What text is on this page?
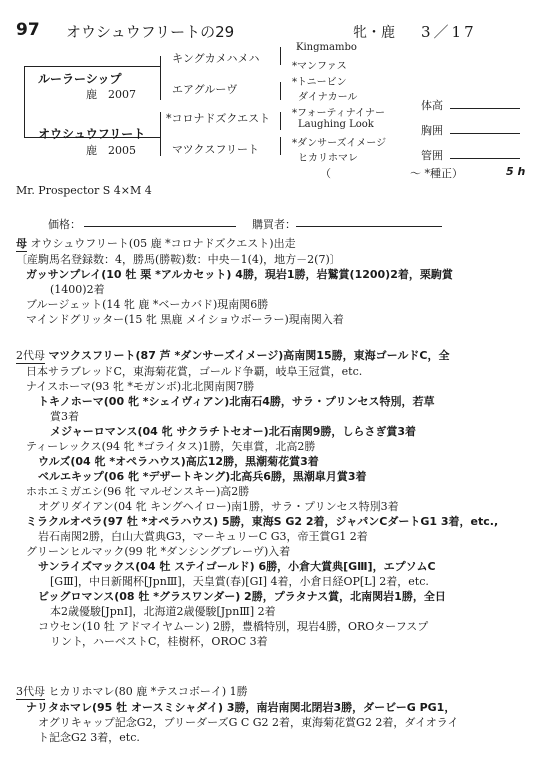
97 オウシュウフリートの29	牝・鹿 3／17
ルーラーシップ
鹿　2007
オウシュウフリート
鹿　2005
キングカメハメハ
エアグルーヴ
*コロナドズクエスト
マツクスフリート
Kingmambo
*マンファス
*トニービン
ダイナカール
*フォーティナイナー
Laughing Look
*ダンサーズイメージ
ヒカリホマレ
（	～ *種正）	5 h
Mr. Prospector S 4×M 4
体高
胸囲
管囲
価格：	購買者：
母 オウシュウフリート(05 鹿 *コロナドズクエスト)出走
〔産駒馬名登録数：4，勝馬(勝鞍)数：中央－1(4)，地方－2(7)〕
ガッサンプレイ(10 牡 栗 *アルカセット) 4勝，現岩1勝，岩鷲賞(1200)2着，栗駒賞
(1400)2着
ブルージェット(14 牝 鹿 *ベーカバド)現南関6勝
マインドグリッター(15 牝 黒鹿 メイショウボーラー)現南関入着
2代母 マツクスフリート(87 芦 *ダンサーズイメージ)高南関15勝，東海ゴールドC，全
日本サラブレッドC，東海菊花賞，ゴールド争覇，岐阜王冠賞，etc.
ナイスホーマ(93 牝 *モガンボ)北北関南関7勝
トキノホーマ(00 牝 *シェイヴィアン)北南石4勝，サラ・プリンセス特別，若草
賞3着
メジャーロマンス(04 牝 サクラチトセオー)北石南関9勝，しらさぎ賞3着
ティーレックス(94 牝 *ゴライタス)1勝，矢車賞，北高2勝
ウルズ(04 牝 *オペラハウス)高広12勝，黒潮菊花賞3着
ベルエキップ(06 牝 *デザートキング)北高兵6勝，黒潮皐月賞3着
ホホエミガエシ(96 牝 マルゼンスキー)高2勝
オグリダイアン(04 牝 キングヘイロー)南1勝，サラ・プリンセス特別3着
ミラクルオペラ(97 牡 *オペラハウス) 5勝，東海S G2 2着，ジャパンCダートG1 3着，etc.,
岩石南関2勝，白山大賞典G3，マーキュリーC G3，帝王賞G1 2着
グリーンヒルマック(99 牝 *ダンシングブレーヴ)入着
サンライズマックス(04 牡 ステイゴールド) 6勝，小倉大賞典[GⅢ]，エプソムC
[GⅢ]，中日新聞杯[JpnⅢ]，天皇賞(春)[GⅠ] 4着，小倉日経OP[L] 2着，etc.
ビッグロマンス(08 牡 *グラスワンダー) 2勝，プラタナス賞，北南関岩1勝，全日
本2歳優駿[JpnⅠ]，北海道2歳優駿[JpnⅢ] 2着
コウセン(10 牡 アドマイヤムーン) 2勝，豊橋特別，現岩4勝，OROターフスプ
リント，ハーベストC，桂樹杯，OROC 3着
3代母 ヒカリホマレ(80 鹿 *テスコボーイ) 1勝
ナリタホマレ(95 牡 オースミシャダイ) 3勝，南岩南関北閉岩3勝，ダービーG PG1，
オグリキャップ記念G2，ブリーダーズG C G2 2着，東海菊花賞G2 2着，ダイオライ
ト記念G2 3着，etc.
